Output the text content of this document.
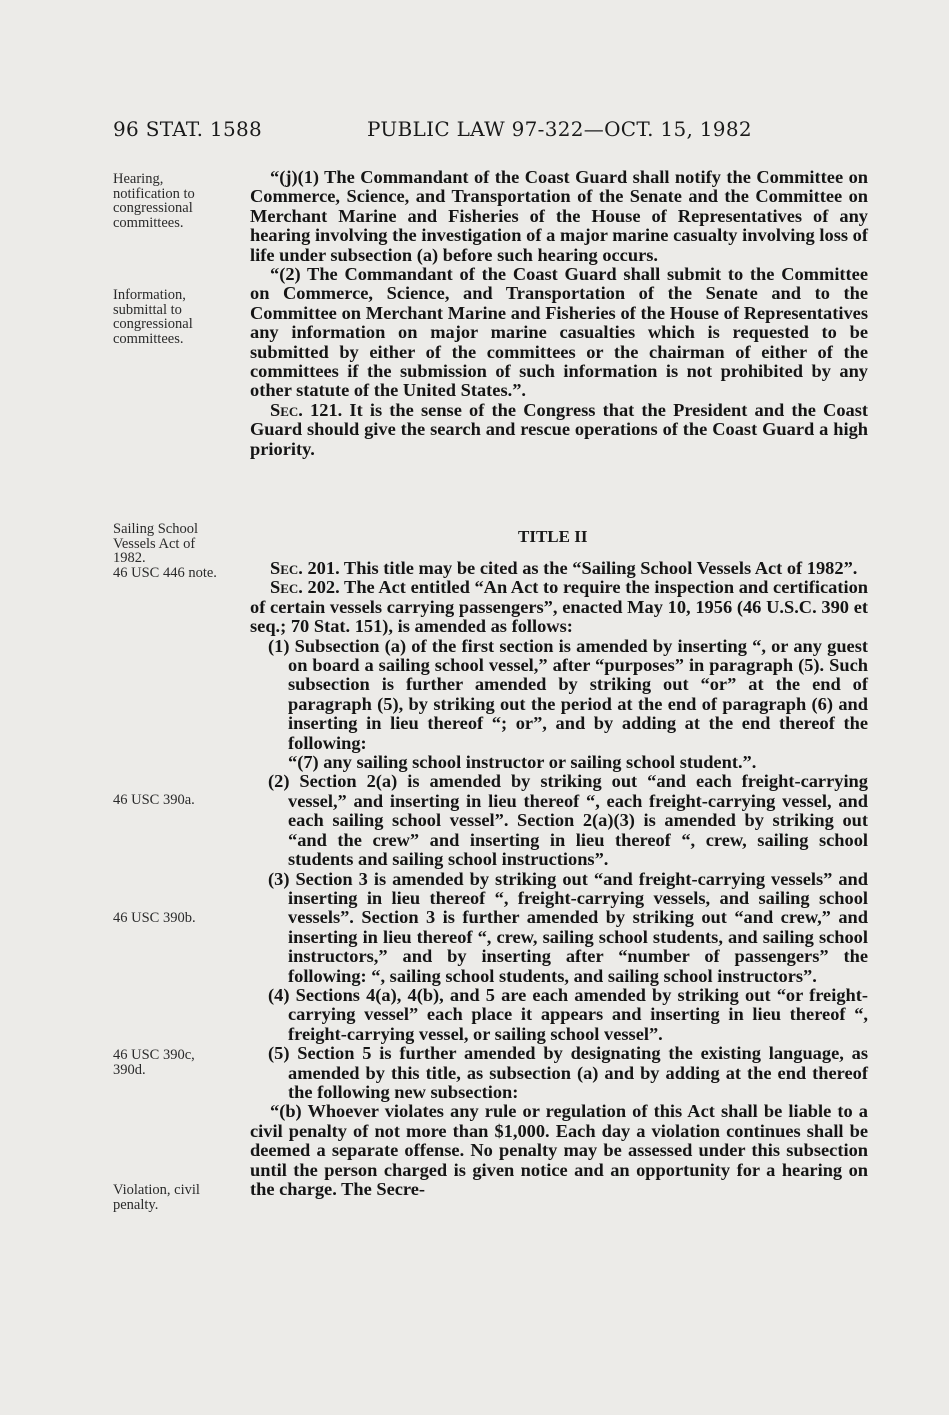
96 STAT. 1588	PUBLIC LAW 97-322—OCT. 15, 1982
Hearing,
notification to
congressional
committees.
Information,
submittal to
congressional
committees.
Sailing School
Vessels Act of
1982.
46 USC 446 note.
46 USC 390a.
46 USC 390b.
46 USC 390c,
390d.
Violation, civil
penalty.

“(j)(1) The Commandant of the Coast Guard shall notify the Committee on Commerce, Science, and Transportation of the Senate and the Committee on Merchant Marine and Fisheries of the House of Representatives of any hearing involving the investigation of a major marine casualty involving loss of life under subsection (a) before such hearing occurs.

“(2) The Commandant of the Coast Guard shall submit to the Committee on Commerce, Science, and Transportation of the Senate and to the Committee on Merchant Marine and Fisheries of the House of Representatives any information on major marine casualties which is requested to be submitted by either of the committees or the chairman of either of the committees if the submission of such information is not prohibited by any other statute of the United States.”.

Sec. 121. It is the sense of the Congress that the President and the Coast Guard should give the search and rescue operations of the Coast Guard a high priority.

TITLE II

Sec. 201. This title may be cited as the “Sailing School Vessels Act of 1982”.

Sec. 202. The Act entitled “An Act to require the inspection and certification of certain vessels carrying passengers”, enacted May 10, 1956 (46 U.S.C. 390 et seq.; 70 Stat. 151), is amended as follows:

(1) Subsection (a) of the first section is amended by inserting “, or any guest on board a sailing school vessel,” after “purposes” in paragraph (5). Such subsection is further amended by striking out “or” at the end of paragraph (5), by striking out the period at the end of paragraph (6) and inserting in lieu thereof “; or”, and by adding at the end thereof the following:

“(7) any sailing school instructor or sailing school student.”.

(2) Section 2(a) is amended by striking out “and each freight-carrying vessel,” and inserting in lieu thereof “, each freight-carrying vessel, and each sailing school vessel”. Section 2(a)(3) is amended by striking out “and the crew” and inserting in lieu thereof “, crew, sailing school students and sailing school instructions”.

(3) Section 3 is amended by striking out “and freight-carrying vessels” and inserting in lieu thereof “, freight-carrying vessels, and sailing school vessels”. Section 3 is further amended by striking out “and crew,” and inserting in lieu thereof “, crew, sailing school students, and sailing school instructors,” and by inserting after “number of passengers” the following: “, sailing school students, and sailing school instructors”.

(4) Sections 4(a), 4(b), and 5 are each amended by striking out “or freight-carrying vessel” each place it appears and inserting in lieu thereof “, freight-carrying vessel, or sailing school vessel”.

(5) Section 5 is further amended by designating the existing language, as amended by this title, as subsection (a) and by adding at the end thereof the following new subsection:

“(b) Whoever violates any rule or regulation of this Act shall be liable to a civil penalty of not more than $1,000. Each day a violation continues shall be deemed a separate offense. No penalty may be assessed under this subsection until the person charged is given notice and an opportunity for a hearing on the charge. The Secre-
